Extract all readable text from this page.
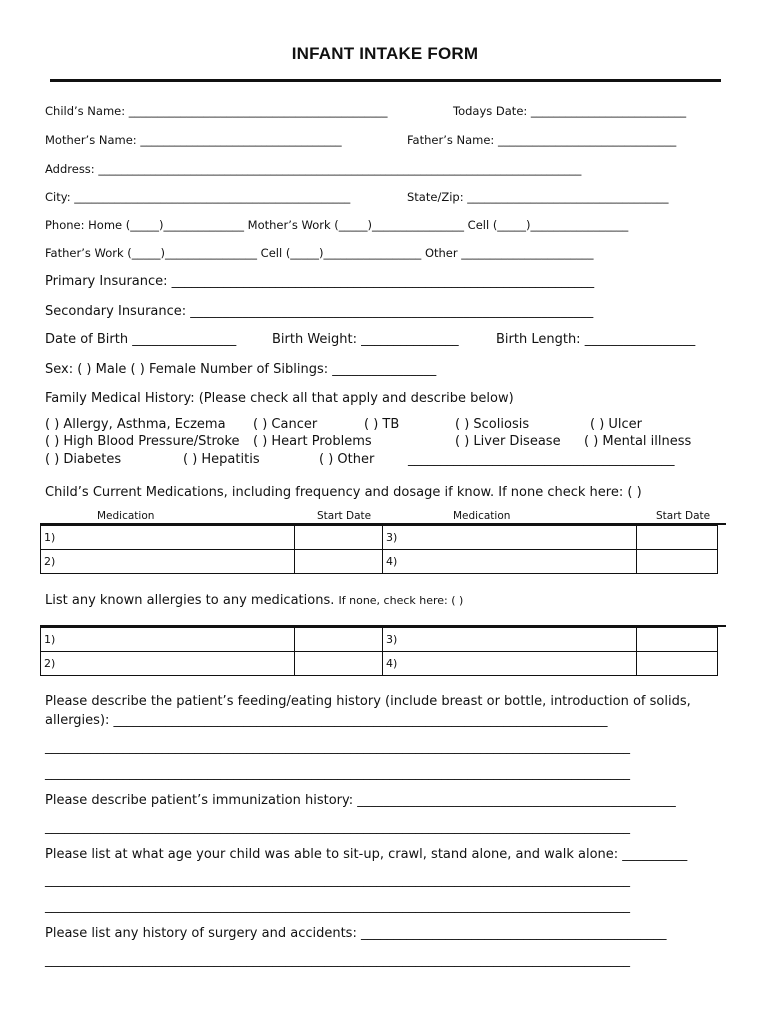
INFANT INTAKE FORM
Child’s Name: _____________________________________________	Todays Date: ___________________________
Mother’s Name: ___________________________________	Father’s Name: _______________________________
Address: ____________________________________________________________________________________
City: ________________________________________________	State/Zip: ___________________________________
Phone: Home (_____)______________ Mother’s Work (_____)________________ Cell (_____)_________________
Father’s Work (_____)________________ Cell (_____)_________________ Other _______________________
Primary Insurance: _________________________________________________________________
Secondary Insurance: ______________________________________________________________
Date of Birth ________________	Birth Weight: _______________	Birth Length: _________________
Sex: ( ) Male ( ) Female Number of Siblings: ________________
Family Medical History: (Please check all that apply and describe below)
( ) Allergy, Asthma, Eczema ( ) Cancer	( ) TB	( ) Scoliosis	( ) Ulcer
( ) High Blood Pressure/Stroke ( ) Heart Problems	( ) Liver Disease ( ) Mental illness
( ) Diabetes	( ) Hepatitis	( ) Other	_________________________________________
Child’s Current Medications, including frequency and dosage if know. If none check here: ( )
Medication	Start Date	Medication	Start Date
1)		3)	
2)		4)	
List any known allergies to any medications. If none, check here: ( )
1)		3)	
2)		4)	
Please describe the patient’s feeding/eating history (include breast or bottle, introduction of solids,
allergies): ____________________________________________________________________________
__________________________________________________________________________________________
__________________________________________________________________________________________
Please describe patient’s immunization history: _________________________________________________
__________________________________________________________________________________________
Please list at what age your child was able to sit-up, crawl, stand alone, and walk alone: __________
__________________________________________________________________________________________
__________________________________________________________________________________________
Please list any history of surgery and accidents: _______________________________________________
__________________________________________________________________________________________
